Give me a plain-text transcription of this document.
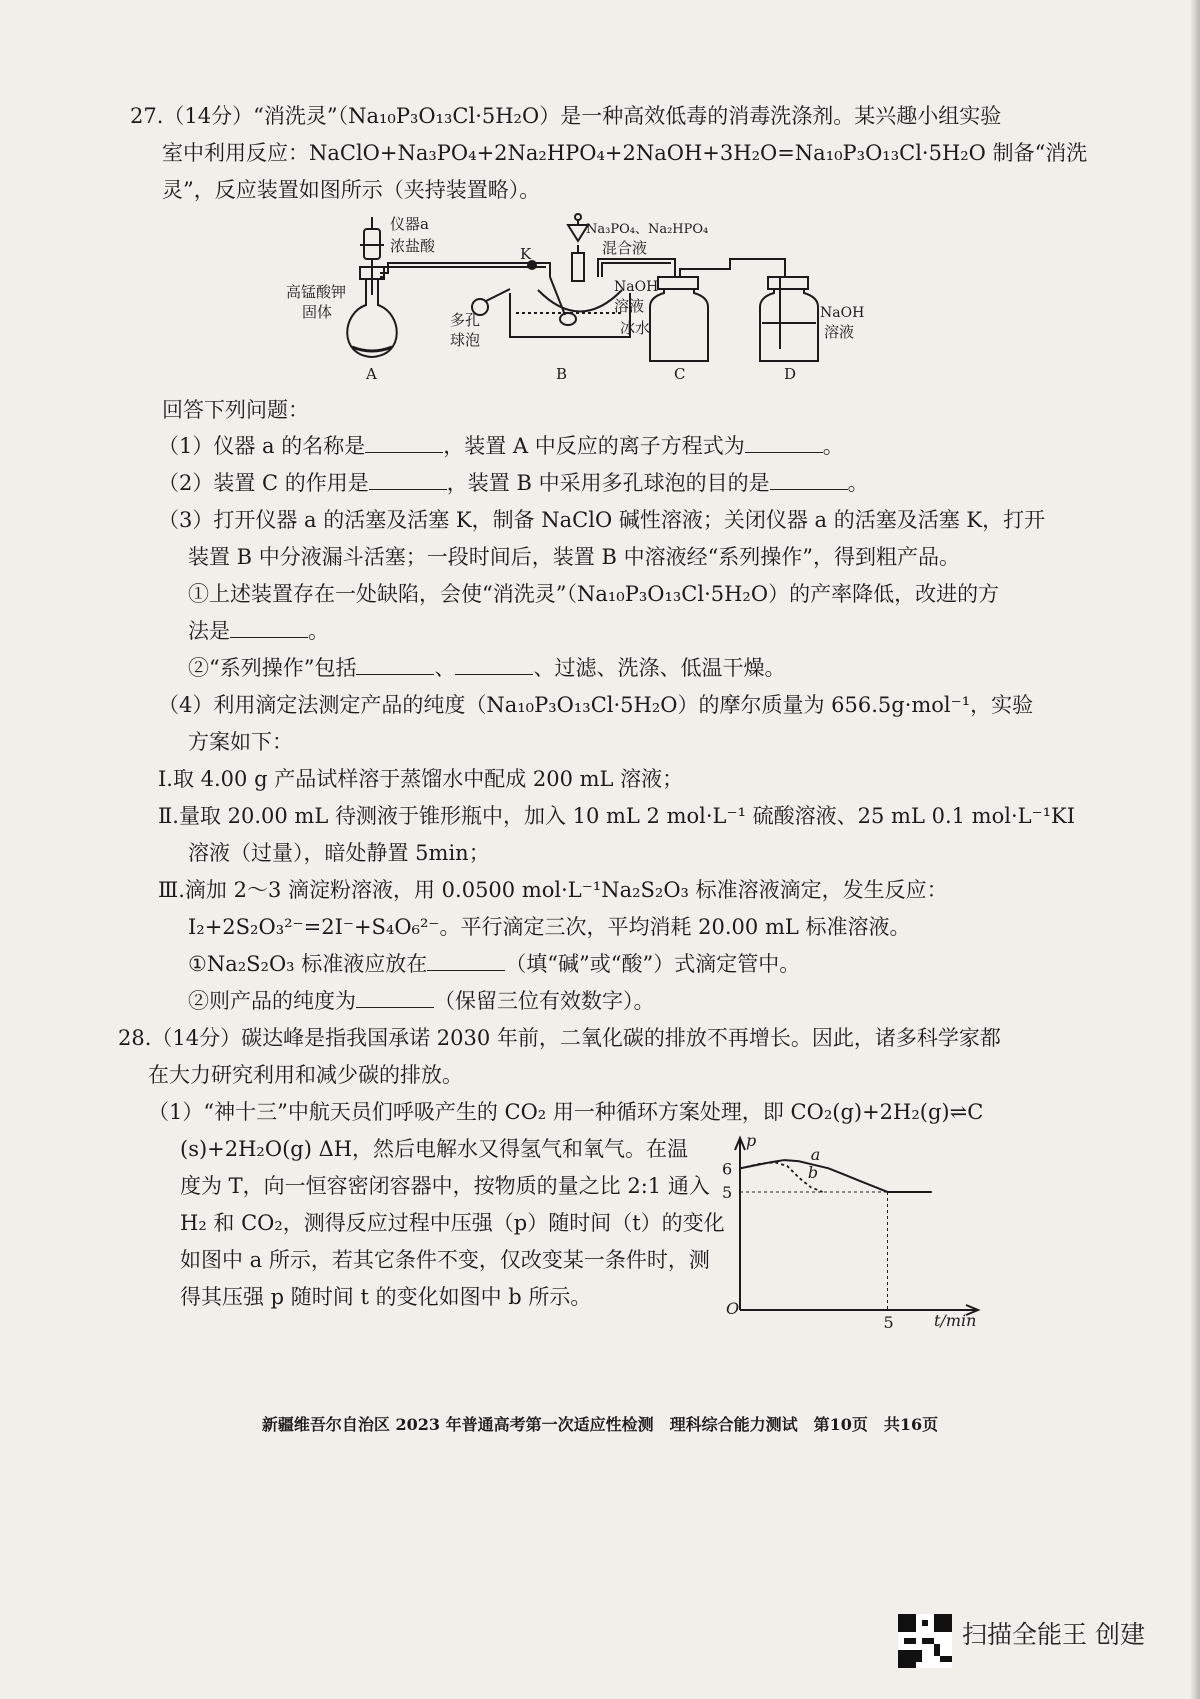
27.（14分）“消洗灵”（Na₁₀P₃O₁₃Cl·5H₂O）是一种高效低毒的消毒洗涤剂。某兴趣小组实验
室中利用反应：NaClO+Na₃PO₄+2Na₂HPO₄+2NaOH+3H₂O=Na₁₀P₃O₁₃Cl·5H₂O 制备“消洗
灵”，反应装置如图所示（夹持装置略）。
仪器a
浓盐酸
高锰酸钾
固体
K
Na₃PO₄、Na₂HPO₄
混合液
NaOH
溶液
冰水
多孔
球泡
NaOH
溶液
A	B	C	D
回答下列问题：
（1）仪器 a 的名称是	，装置 A 中反应的离子方程式为	。
（2）装置 C 的作用是	，装置 B 中采用多孔球泡的目的是	。
（3）打开仪器 a 的活塞及活塞 K，制备 NaClO 碱性溶液；关闭仪器 a 的活塞及活塞 K，打开
装置 B 中分液漏斗活塞；一段时间后，装置 B 中溶液经“系列操作”，得到粗产品。
①上述装置存在一处缺陷，会使“消洗灵”（Na₁₀P₃O₁₃Cl·5H₂O）的产率降低，改进的方
法是	。
②“系列操作”包括	、	、过滤、洗涤、低温干燥。
（4）利用滴定法测定产品的纯度（Na₁₀P₃O₁₃Cl·5H₂O）的摩尔质量为 656.5g·mol⁻¹，实验
方案如下：
Ⅰ.取 4.00 g 产品试样溶于蒸馏水中配成 200 mL 溶液；
Ⅱ.量取 20.00 mL 待测液于锥形瓶中，加入 10 mL 2 mol·L⁻¹ 硫酸溶液、25 mL 0.1 mol·L⁻¹KI
溶液（过量），暗处静置 5min；
Ⅲ.滴加 2～3 滴淀粉溶液，用 0.0500 mol·L⁻¹Na₂S₂O₃ 标准溶液滴定，发生反应：
I₂+2S₂O₃²⁻=2I⁻+S₄O₆²⁻。平行滴定三次，平均消耗 20.00 mL 标准溶液。
①Na₂S₂O₃ 标准液应放在	（填“碱”或“酸”）式滴定管中。
②则产品的纯度为	（保留三位有效数字）。
28.（14分）碳达峰是指我国承诺 2030 年前，二氧化碳的排放不再增长。因此，诸多科学家都
在大力研究利用和减少碳的排放。
（1）“神十三”中航天员们呼吸产生的 CO₂ 用一种循环方案处理，即 CO₂(g)+2H₂(g)⇌C
(s)+2H₂O(g) ΔH，然后电解水又得氢气和氧气。在温
度为 T，向一恒容密闭容器中，按物质的量之比 2:1 通入
H₂ 和 CO₂，测得反应过程中压强（p）随时间（t）的变化
如图中 a 所示，若其它条件不变，仅改变某一条件时，测
得其压强 p 随时间 t 的变化如图中 b 所示。
p
O
t/min
5
6
5
a
b
新疆维吾尔自治区 2023 年普通高考第一次适应性检测　理科综合能力测试　第10页　共16页
扫描全能王 创建
